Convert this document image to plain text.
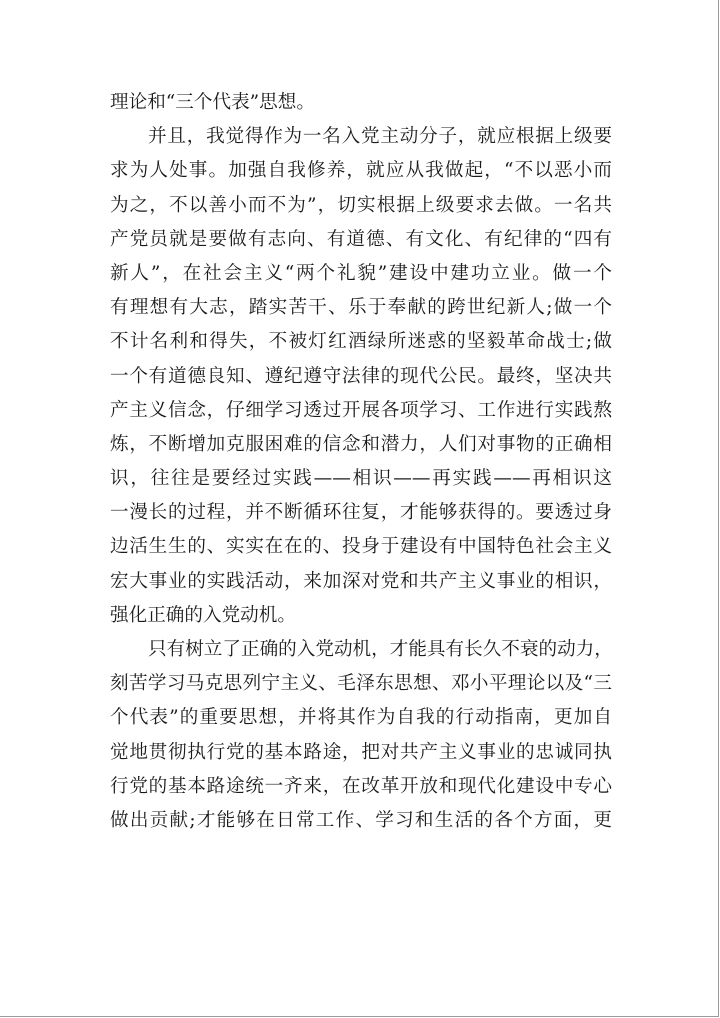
理论和“三个代表”思想。
并且，我觉得作为一名入党主动分子，就应根据上级要
求为人处事。加强自我修养，就应从我做起，“不以恶小而
为之，不以善小而不为”，切实根据上级要求去做。一名共
产党员就是要做有志向、有道德、有文化、有纪律的“四有
新人”，在社会主义“两个礼貌”建设中建功立业。做一个
有理想有大志，踏实苦干、乐于奉献的跨世纪新人;做一个
不计名利和得失，不被灯红酒绿所迷惑的坚毅革命战士;做
一个有道德良知、遵纪遵守法律的现代公民。最终，坚决共
产主义信念，仔细学习透过开展各项学习、工作进行实践熬
炼，不断增加克服困难的信念和潜力，人们对事物的正确相
识，往往是要经过实践——相识——再实践——再相识这
一漫长的过程，并不断循环往复，才能够获得的。要透过身
边活生生的、实实在在的、投身于建设有中国特色社会主义
宏大事业的实践活动，来加深对党和共产主义事业的相识，
强化正确的入党动机。
只有树立了正确的入党动机，才能具有长久不衰的动力，
刻苦学习马克思列宁主义、毛泽东思想、邓小平理论以及“三
个代表”的重要思想，并将其作为自我的行动指南，更加自
觉地贯彻执行党的基本路途，把对共产主义事业的忠诚同执
行党的基本路途统一齐来，在改革开放和现代化建设中专心
做出贡献;才能够在日常工作、学习和生活的各个方面，更
